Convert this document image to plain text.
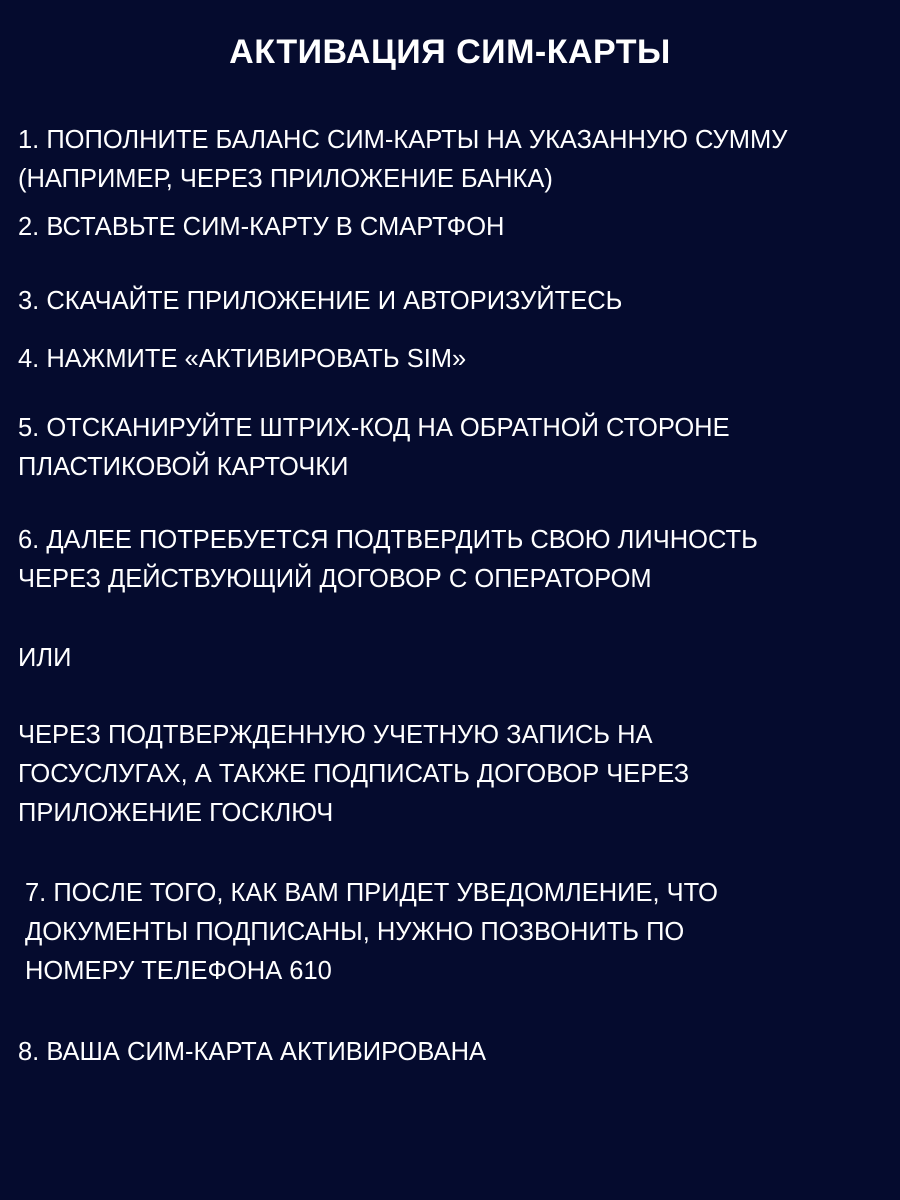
АКТИВАЦИЯ СИМ-КАРТЫ

1. ПОПОЛНИТЕ БАЛАНС СИМ-КАРТЫ НА УКАЗАННУЮ СУММУ
(НАПРИМЕР, ЧЕРЕЗ ПРИЛОЖЕНИЕ БАНКА)

2. ВСТАВЬТЕ СИМ-КАРТУ В СМАРТФОН

3. СКАЧАЙТЕ ПРИЛОЖЕНИЕ И АВТОРИЗУЙТЕСЬ

4. НАЖМИТЕ «АКТИВИРОВАТЬ SIM»

5. ОТСКАНИРУЙТЕ ШТРИХ-КОД НА ОБРАТНОЙ СТОРОНЕ
ПЛАСТИКОВОЙ КАРТОЧКИ

6. ДАЛЕЕ ПОТРЕБУЕТСЯ ПОДТВЕРДИТЬ СВОЮ ЛИЧНОСТЬ
ЧЕРЕЗ ДЕЙСТВУЮЩИЙ ДОГОВОР С ОПЕРАТОРОМ

ИЛИ

ЧЕРЕЗ ПОДТВЕРЖДЕННУЮ УЧЕТНУЮ ЗАПИСЬ НА
ГОСУСЛУГАХ, А ТАКЖЕ ПОДПИСАТЬ ДОГОВОР ЧЕРЕЗ
ПРИЛОЖЕНИЕ ГОСКЛЮЧ

7. ПОСЛЕ ТОГО, КАК ВАМ ПРИДЕТ УВЕДОМЛЕНИЕ, ЧТО
ДОКУМЕНТЫ ПОДПИСАНЫ, НУЖНО ПОЗВОНИТЬ ПО
НОМЕРУ ТЕЛЕФОНА 610

8. ВАША СИМ-КАРТА АКТИВИРОВАНА
